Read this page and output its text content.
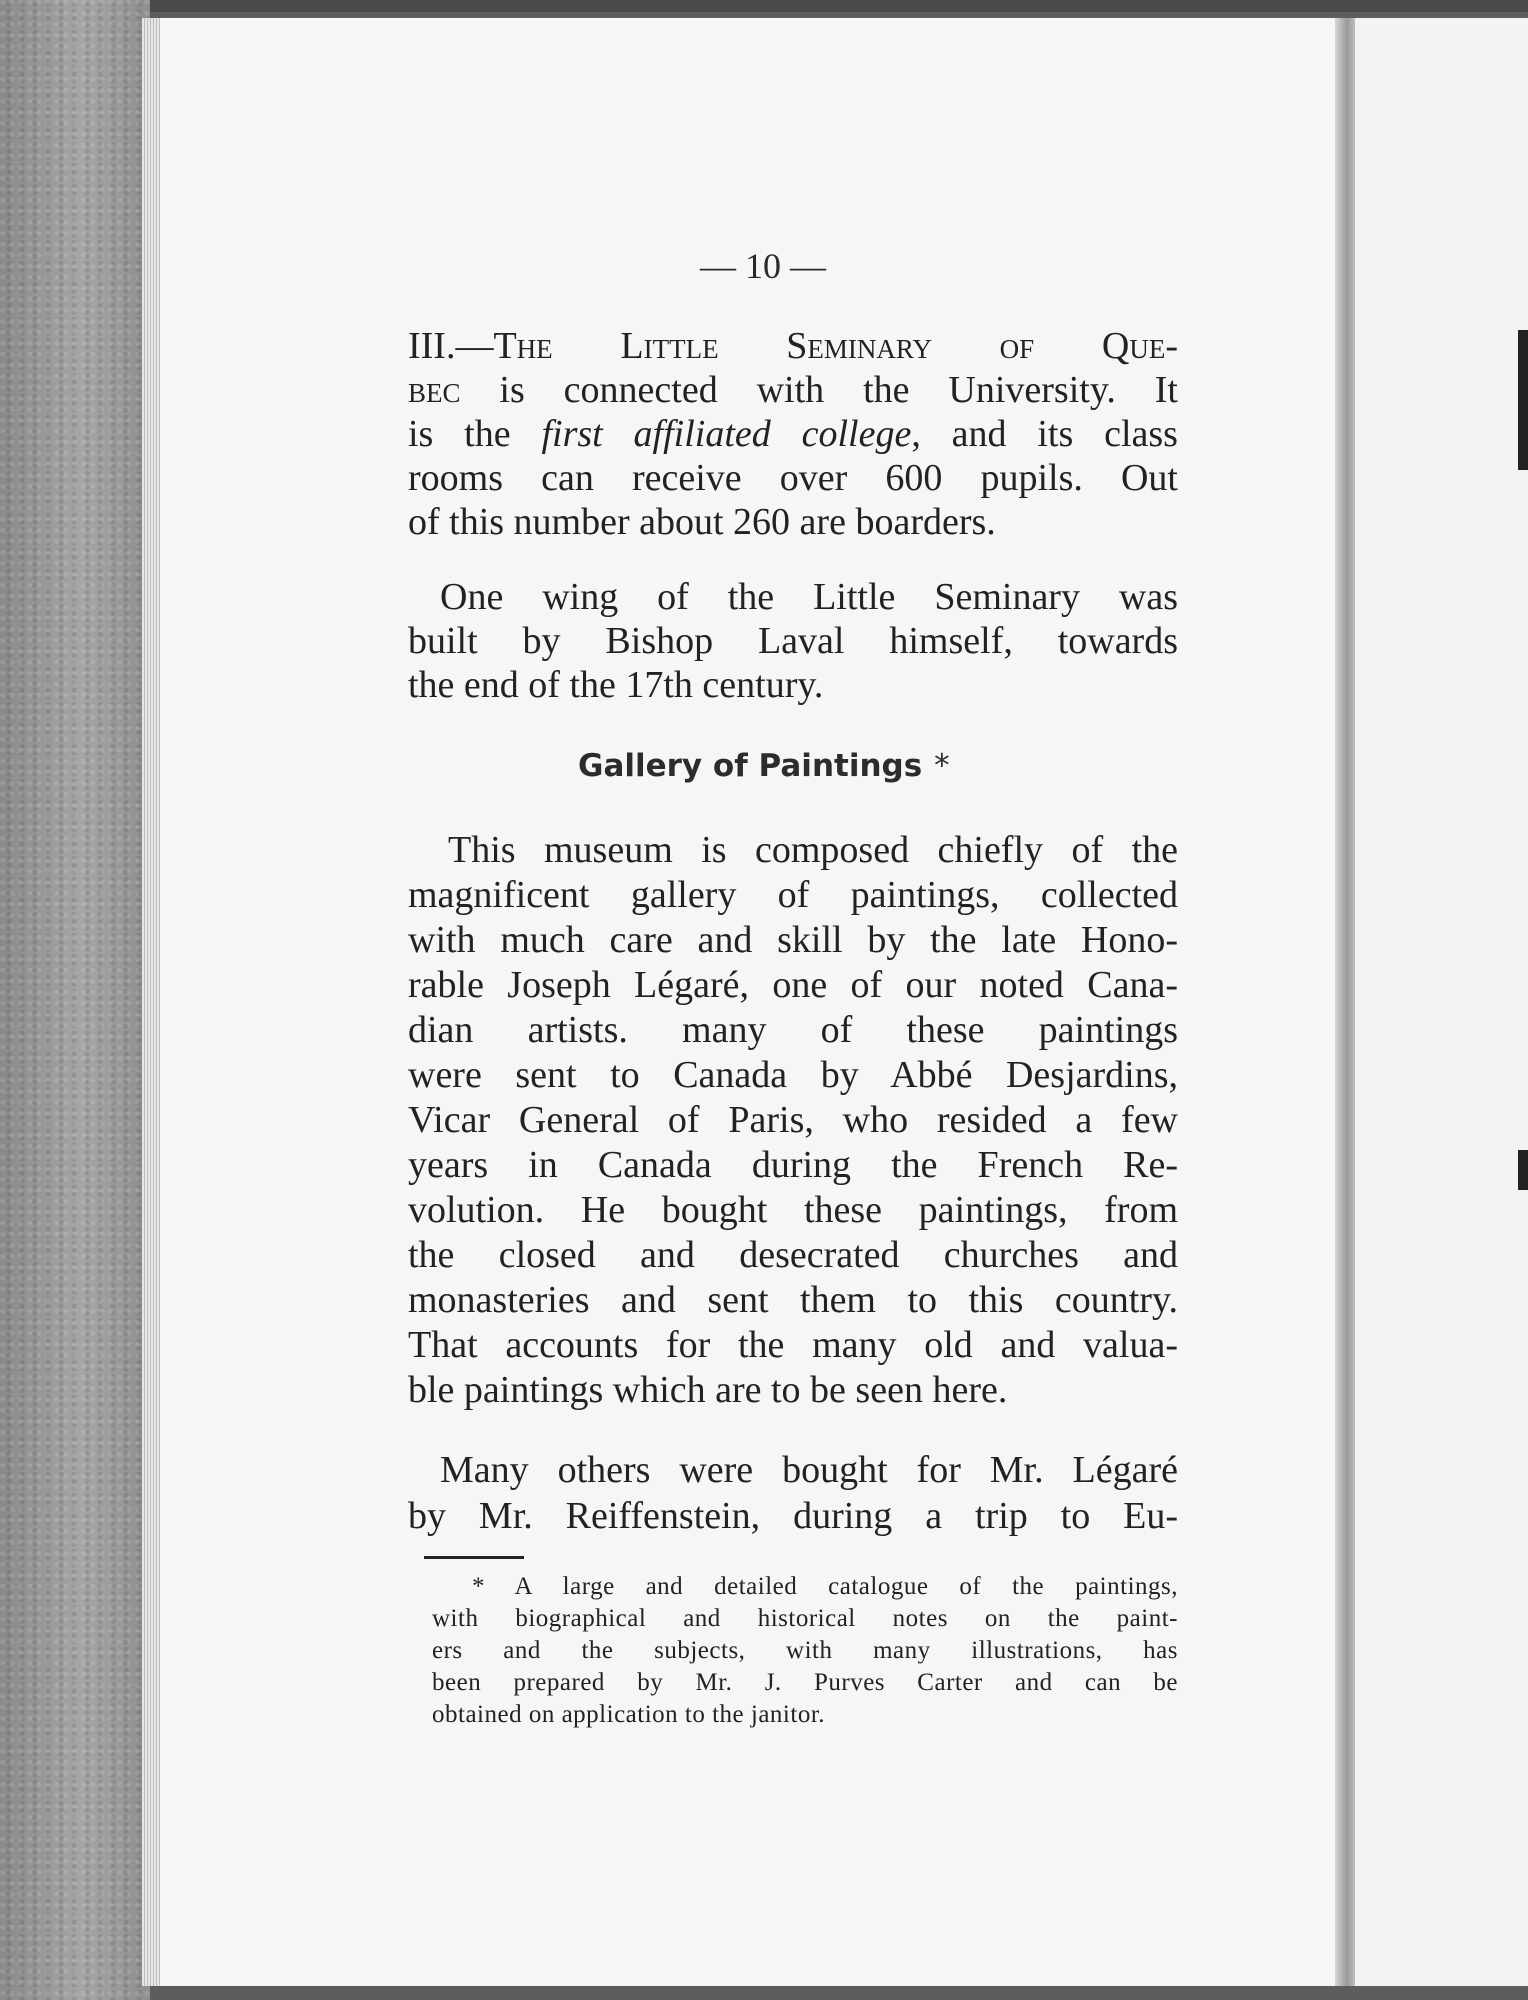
— 10 —
III.—The Little Seminary of Que-
bec is connected with the University. It
is the first affiliated college, and its class
rooms can receive over 600 pupils. Out
of this number about 260 are boarders.
One wing of the Little Seminary was
built by Bishop Laval himself, towards
the end of the 17th century.
This museum is composed chiefly of the
magnificent gallery of paintings, collected
with much care and skill by the late Hono-
rable Joseph Légaré, one of our noted Cana-
dian artists. many of these paintings
were sent to Canada by Abbé Desjardins,
Vicar General of Paris, who resided a few
years in Canada during the French Re-
volution. He bought these paintings, from
the closed and desecrated churches and
monasteries and sent them to this country.
That accounts for the many old and valua-
ble paintings which are to be seen here.
Many others were bought for Mr. Légaré
by Mr. Reiffenstein, during a trip to Eu-
* A large and detailed catalogue of the paintings,
with biographical and historical notes on the paint-
ers and the subjects, with many illustrations, has
been prepared by Mr. J. Purves Carter and can be
obtained on application to the janitor.
Gallery of Paintings *
